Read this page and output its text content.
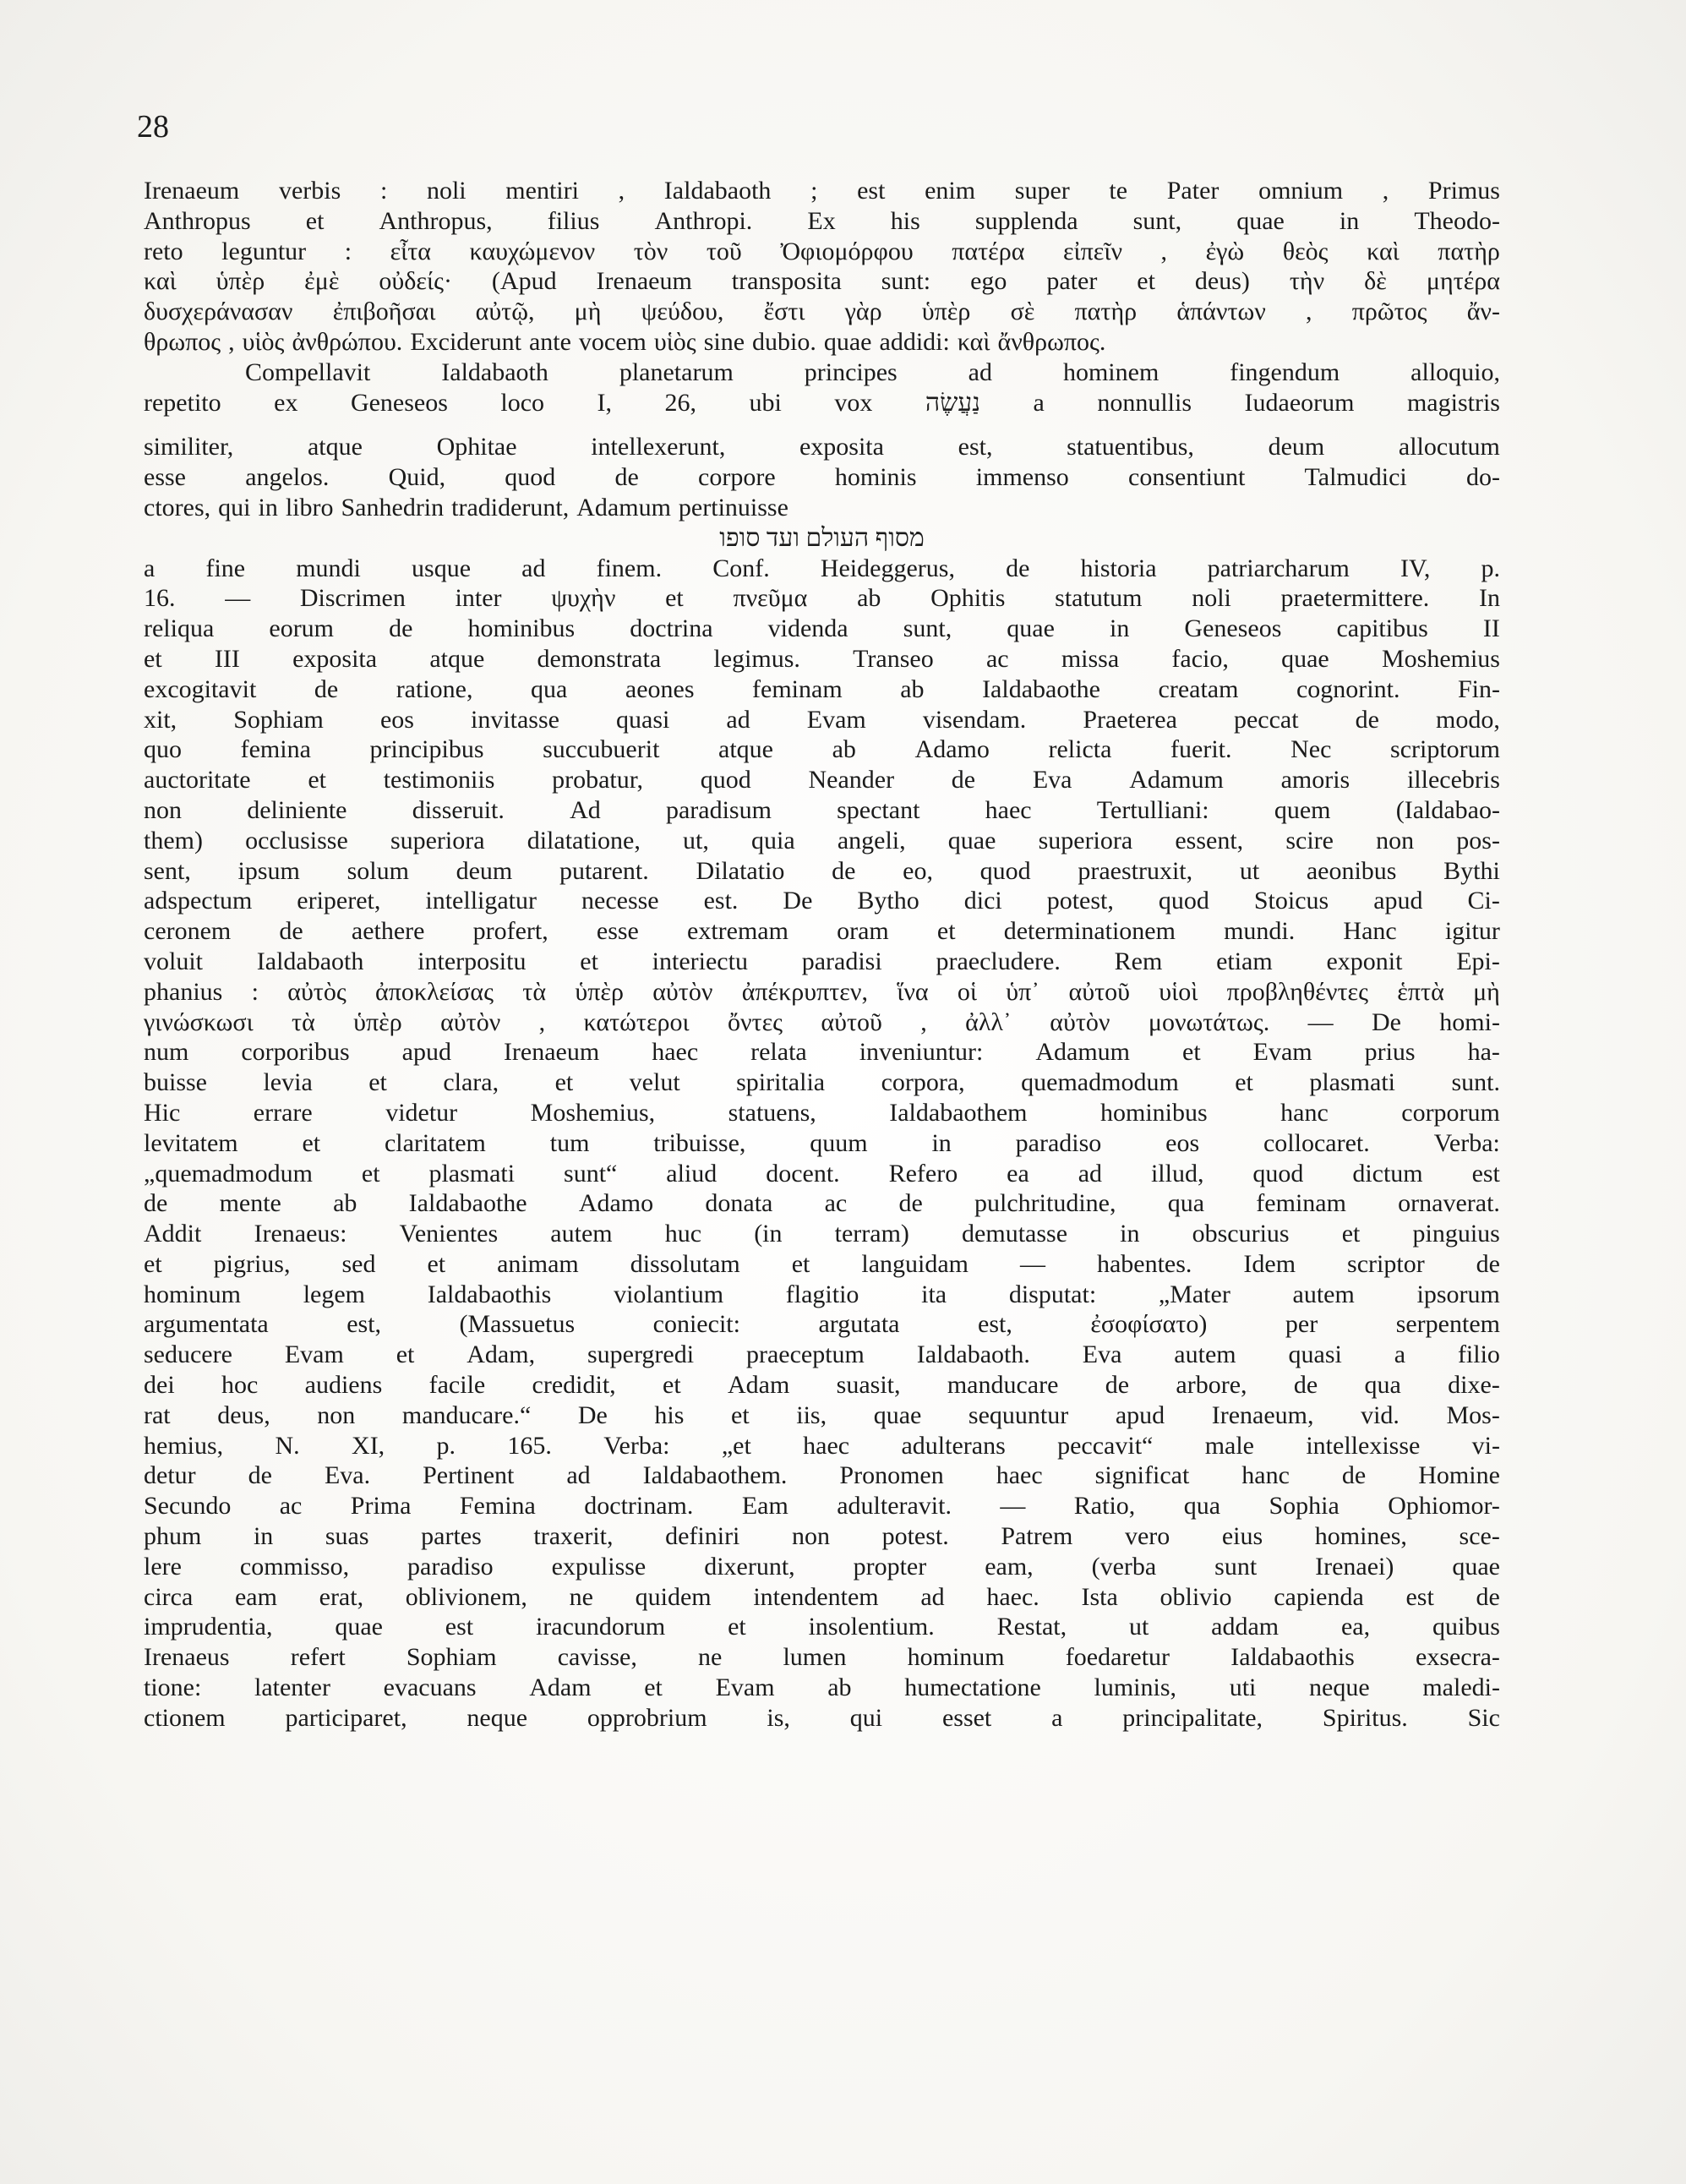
28
Irenaeum verbis : noli mentiri , Ialdabaoth ; est enim super te Pater omnium , Primus
Anthropus et Anthropus, filius Anthropi. Ex his supplenda sunt, quae in Theodo-
reto leguntur : εἶτα καυχώμενον τὸν τοῦ Ὀφιομόρφου πατέρα εἰπεῖν , ἐγὼ θεὸς καὶ πατὴρ
καὶ ὑπὲρ ἐμὲ οὐδείς· (Apud Irenaeum transposita sunt: ego pater et deus) τὴν δὲ μητέρα
δυσχεράνασαν ἐπιβοῆσαι αὐτῷ, μὴ ψεύδου, ἔστι γὰρ ὑπὲρ σὲ πατὴρ ἁπάντων , πρῶτος ἄν-
θρωπος , υἱὸς ἀνθρώπου. Exciderunt ante vocem υἱὸς sine dubio. quae addidi: καὶ ἄνθρωπος.
Compellavit	Ialdabaoth	planetarum	principes	ad	hominem	fingendum	alloquio,
repetito ex Geneseos loco I, 26, ubi vox נַעֲשֶׂה a nonnullis Iudaeorum magistris
similiter,	atque	Ophitae	intellexerunt,	exposita	est,	statuentibus,	deum	allocutum
esse angelos. Quid, quod de corpore hominis immenso consentiunt Talmudici do-
ctores, qui in libro Sanhedrin tradiderunt, Adamum pertinuisse
מסוף העולם ועד סופו
a fine mundi usque ad finem. Conf. Heideggerus, de historia patriarcharum IV, p.
16. — Discrimen inter ψυχὴν et πνεῦμα ab Ophitis statutum noli praetermittere. In
reliqua eorum de hominibus doctrina videnda sunt, quae in Geneseos capitibus II
et III exposita atque demonstrata legimus. Transeo ac missa facio, quae Moshemius
excogitavit de ratione, qua aeones feminam ab Ialdabaothe creatam cognorint. Fin-
xit, Sophiam eos invitasse quasi ad Evam visendam. Praeterea peccat de modo,
quo femina principibus succubuerit atque ab Adamo relicta fuerit. Nec scriptorum
auctoritate et testimoniis probatur, quod Neander de Eva Adamum amoris illecebris
non	deliniente	disseruit.	Ad	paradisum	spectant	haec	Tertulliani:	quem	(Ialdabao-
them) occlusisse superiora dilatatione, ut, quia angeli, quae superiora essent, scire non pos-
sent, ipsum solum deum putarent. Dilatatio de eo, quod praestruxit, ut aeonibus Bythi
adspectum eriperet, intelligatur necesse est. De Bytho dici potest, quod Stoicus apud Ci-
ceronem de aethere profert, esse extremam oram et determinationem mundi. Hanc igitur
voluit Ialdabaoth interpositu et interiectu paradisi praecludere. Rem etiam exponit Epi-
phanius : αὐτὸς ἀποκλείσας τὰ ὑπὲρ αὐτὸν ἀπέκρυπτεν, ἵνα οἱ ὑπ᾽ αὐτοῦ υἱοὶ προβληθέντες ἑπτὰ μὴ
γινώσκωσι τὰ ὑπὲρ αὐτὸν , κατώτεροι ὄντες αὐτοῦ , ἀλλ᾽ αὐτὸν μονωτάτως. — De homi-
num corporibus apud Irenaeum haec relata inveniuntur: Adamum et Evam prius ha-
buisse levia et clara, et velut spiritalia corpora, quemadmodum et plasmati sunt.
Hic	errare	videtur	Moshemius,	statuens,	Ialdabaothem	hominibus	hanc	corporum
levitatem	et	claritatem	tum	tribuisse,	quum	in	paradiso	eos	collocaret.	Verba:
„quemadmodum et plasmati sunt“ aliud docent. Refero ea ad illud, quod dictum est
de mente ab Ialdabaothe Adamo donata ac de pulchritudine, qua feminam ornaverat.
Addit Irenaeus: Venientes autem huc (in terram) demutasse in obscurius et pinguius
et pigrius, sed et animam dissolutam et languidam — habentes. Idem scriptor de
hominum legem Ialdabaothis violantium flagitio ita disputat: „Mater autem ipsorum
argumentata	est,	(Massuetus	coniecit:	argutata	est,	ἐσοφίσατο)	per	serpentem
seducere Evam et Adam, supergredi praeceptum Ialdabaoth. Eva autem quasi a filio
dei hoc audiens facile credidit, et Adam suasit, manducare de arbore, de qua dixe-
rat deus, non manducare.“ De his et iis, quae sequuntur apud Irenaeum, vid. Mos-
hemius, N. XI, p. 165. Verba: „et haec adulterans peccavit“ male intellexisse vi-
detur de Eva. Pertinent ad Ialdabaothem. Pronomen haec significat hanc de Homine
Secundo ac Prima Femina doctrinam. Eam adulteravit. — Ratio, qua Sophia Ophiomor-
phum in suas partes traxerit, definiri non potest. Patrem vero eius homines, sce-
lere commisso, paradiso expulisse dixerunt, propter eam, (verba sunt Irenaei) quae
circa eam erat, oblivionem, ne quidem intendentem ad haec. Ista oblivio capienda est de
imprudentia, quae est iracundorum et insolentium. Restat, ut addam ea, quibus
Irenaeus refert Sophiam cavisse, ne lumen hominum foedaretur Ialdabaothis exsecra-
tione: latenter evacuans Adam et Evam ab humectatione luminis, uti neque maledi-
ctionem participaret, neque opprobrium is, qui esset a principalitate, Spiritus. Sic
